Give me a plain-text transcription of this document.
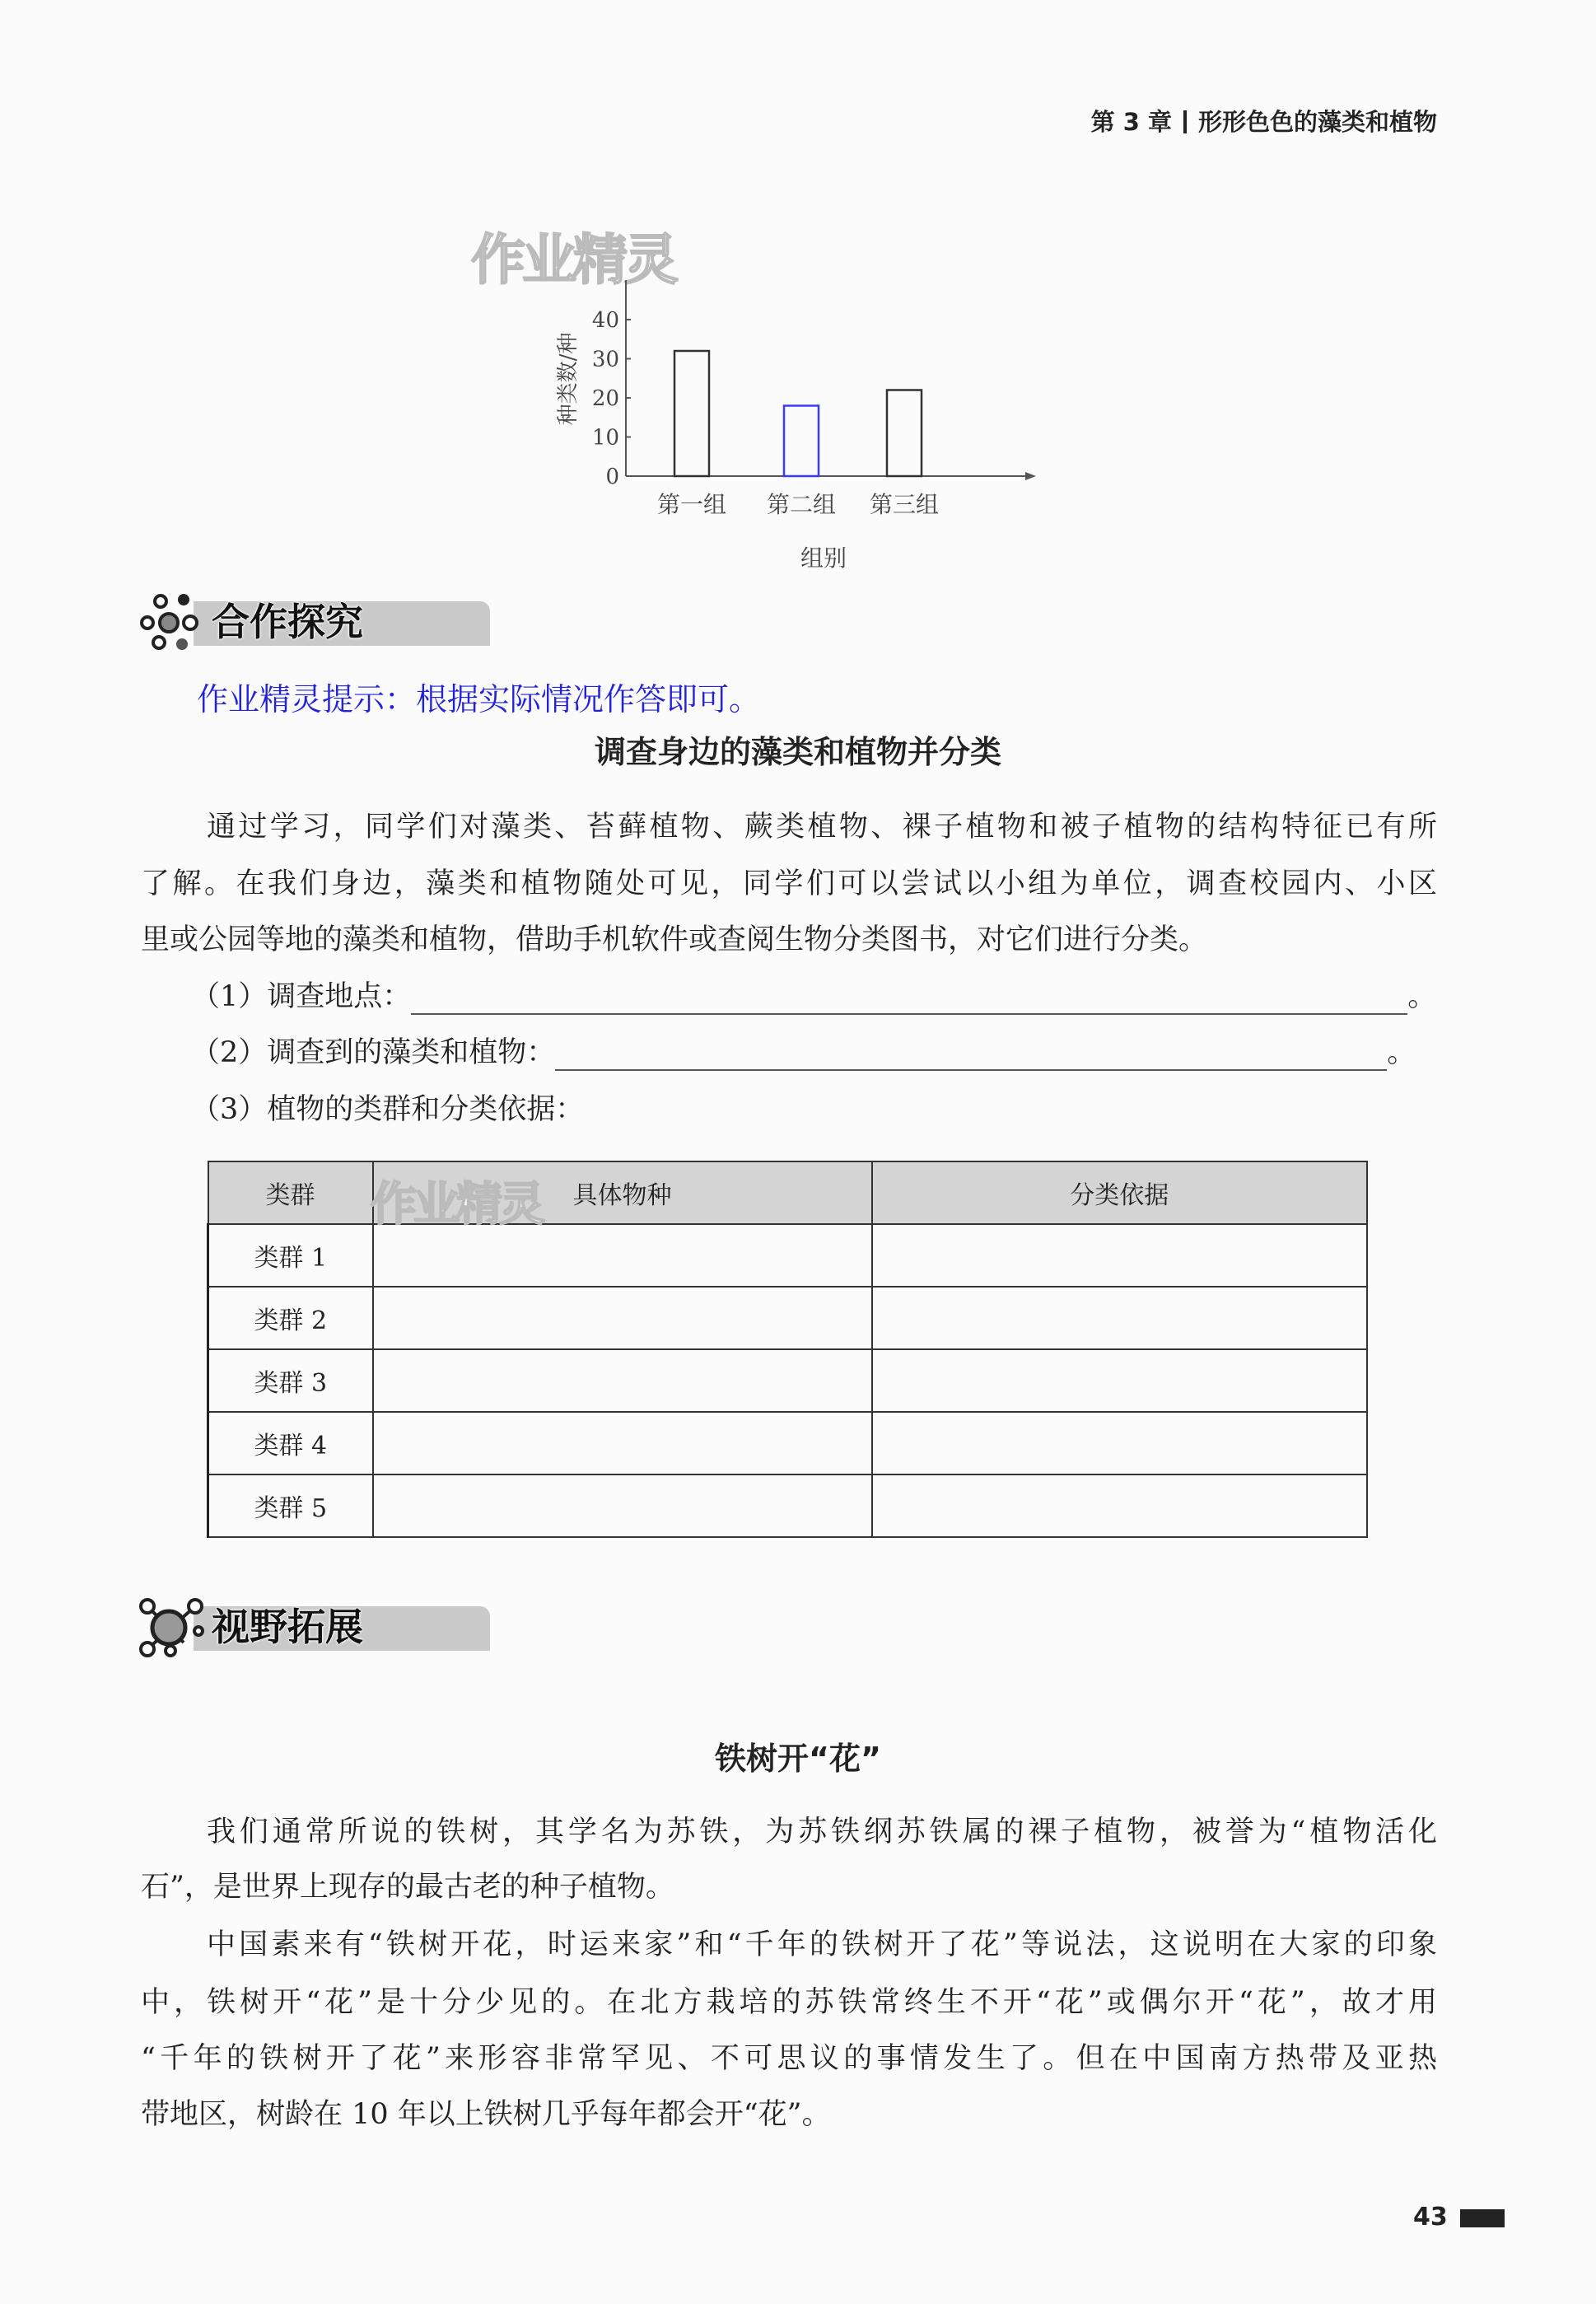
第 3 章 形形色色的藻类和植物
作业精灵
0
10
20
30
40
第一组 第二组 第三组
组别
种类数/种
合作探究
作业精灵提示：根据实际情况作答即可。
调查身边的藻类和植物并分类
通过学习，同学们对藻类、苔藓植物、蕨类植物、裸子植物和被子植物的结构特征已有所
了解。在我们身边，藻类和植物随处可见，同学们可以尝试以小组为单位，调查校园内、小区
里或公园等地的藻类和植物，借助手机软件或查阅生物分类图书，对它们进行分类。
（1）调查地点：	。
（2）调查到的藻类和植物：	。
（3）植物的类群和分类依据：
类群	具体物种	分类依据
类群 1		
类群 2		
类群 3		
类群 4		
类群 5		
作业精灵
视野拓展
铁树开“花”
我们通常所说的铁树，其学名为苏铁，为苏铁纲苏铁属的裸子植物，被誉为“植物活化
石”，是世界上现存的最古老的种子植物。
中国素来有“铁树开花，时运来家”和“千年的铁树开了花”等说法，这说明在大家的印象
中，铁树开“花”是十分少见的。在北方栽培的苏铁常终生不开“花”或偶尔开“花”，故才用
“千年的铁树开了花”来形容非常罕见、不可思议的事情发生了。但在中国南方热带及亚热
带地区，树龄在 10 年以上铁树几乎每年都会开“花”。
43
